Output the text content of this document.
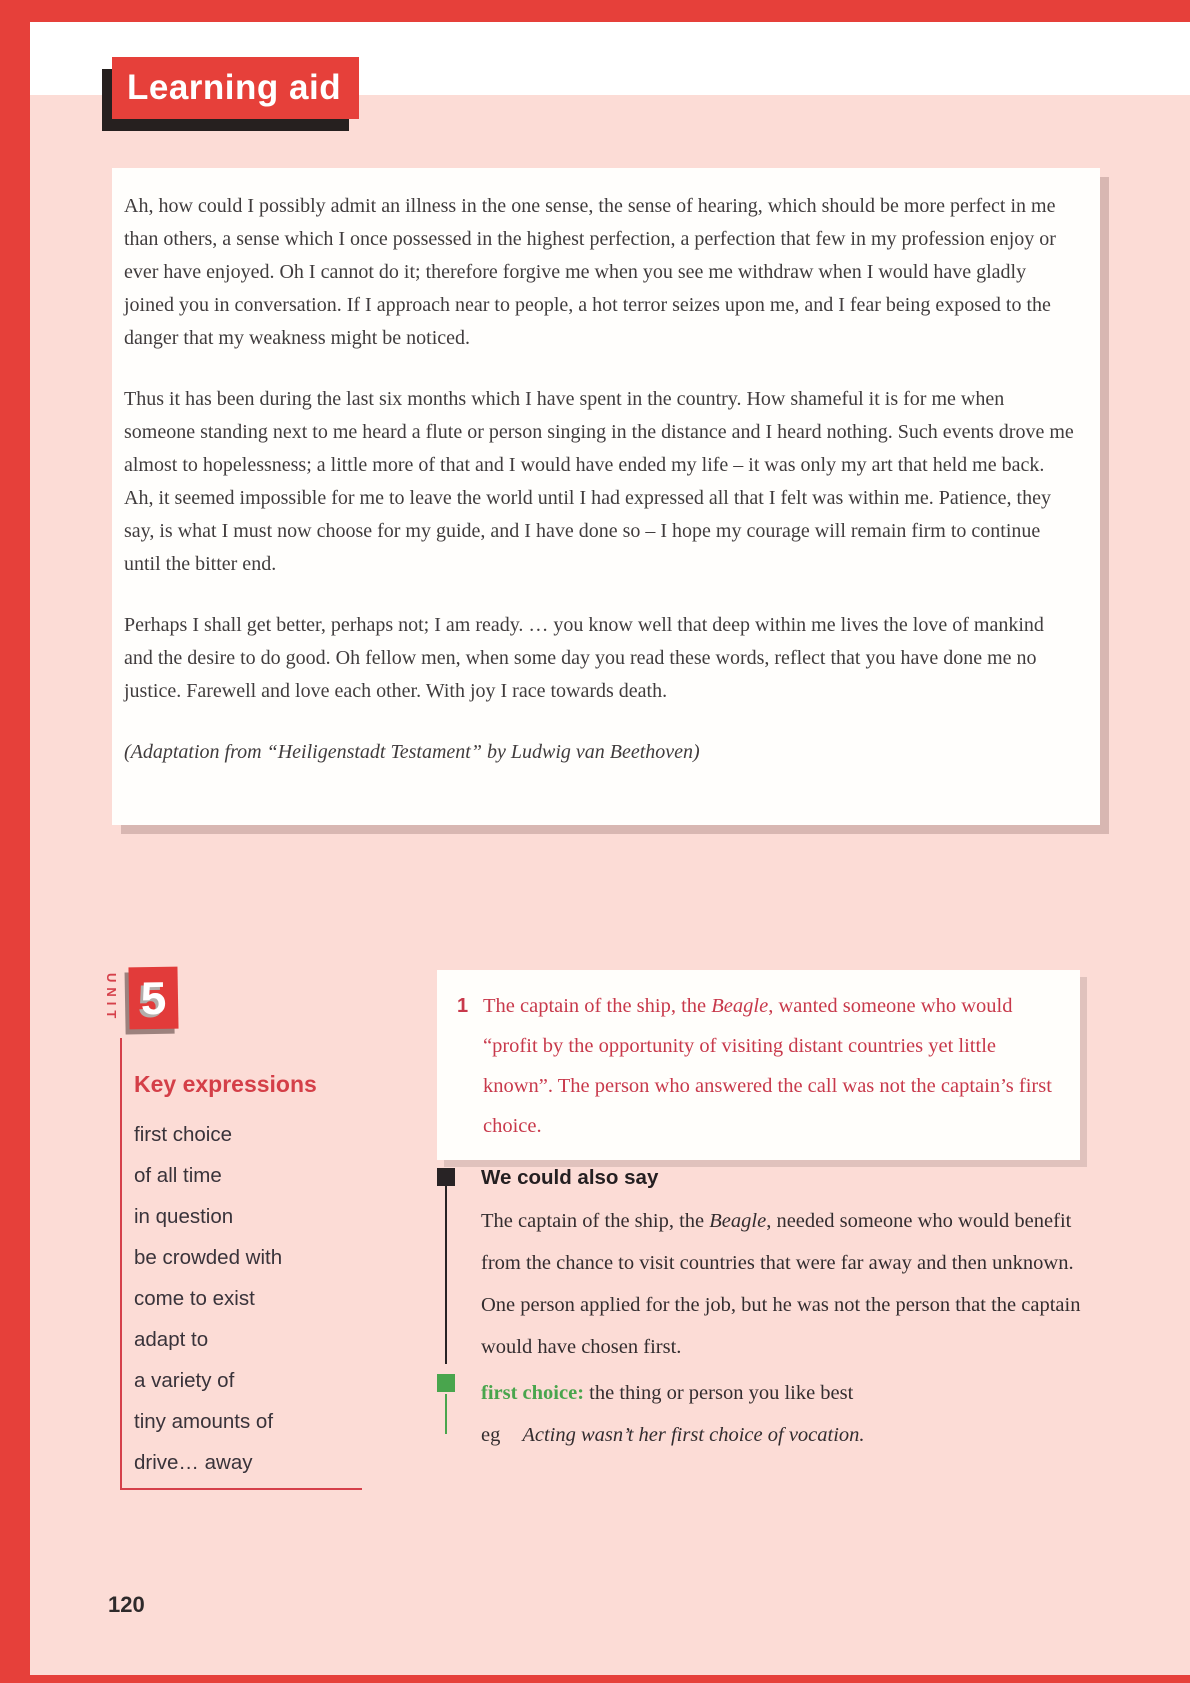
Learning aid

Ah, how could I possibly admit an illness in the one sense, the sense of hearing, which should be more perfect in me than others, a sense which I once possessed in the highest perfection, a perfection that few in my profession enjoy or ever have enjoyed. Oh I cannot do it; therefore forgive me when you see me withdraw when I would have gladly joined you in conversation. If I approach near to people, a hot terror seizes upon me, and I fear being exposed to the danger that my weakness might be noticed.

Thus it has been during the last six months which I have spent in the country. How shameful it is for me when someone standing next to me heard a flute or person singing in the distance and I heard nothing. Such events drove me almost to hopelessness; a little more of that and I would have ended my life – it was only my art that held me back. Ah, it seemed impossible for me to leave the world until I had expressed all that I felt was within me. Patience, they say, is what I must now choose for my guide, and I have done so – I hope my courage will remain firm to continue until the bitter end.

Perhaps I shall get better, perhaps not; I am ready. … you know well that deep within me lives the love of mankind and the desire to do good. Oh fellow men, when some day you read these words, reflect that you have done me no justice. Farewell and love each other. With joy I race towards death.

(Adaptation from “Heiligenstadt Testament” by Ludwig van Beethoven)

UNIT 5
Key expressions
first choice
of all time
in question
be crowded with
come to exist
adapt to
a variety of
tiny amounts of
drive… away
1 The captain of the ship, the Beagle, wanted someone who would “profit by the opportunity of visiting distant countries yet little known”. The person who answered the call was not the captain’s first choice.
We could also say
The captain of the ship, the Beagle, needed someone who would benefit from the chance to visit countries that were far away and then unknown. One person applied for the job, but he was not the person that the captain would have chosen first.
first choice: the thing or person you like best
eg Acting wasn’t her first choice of vocation.
120
